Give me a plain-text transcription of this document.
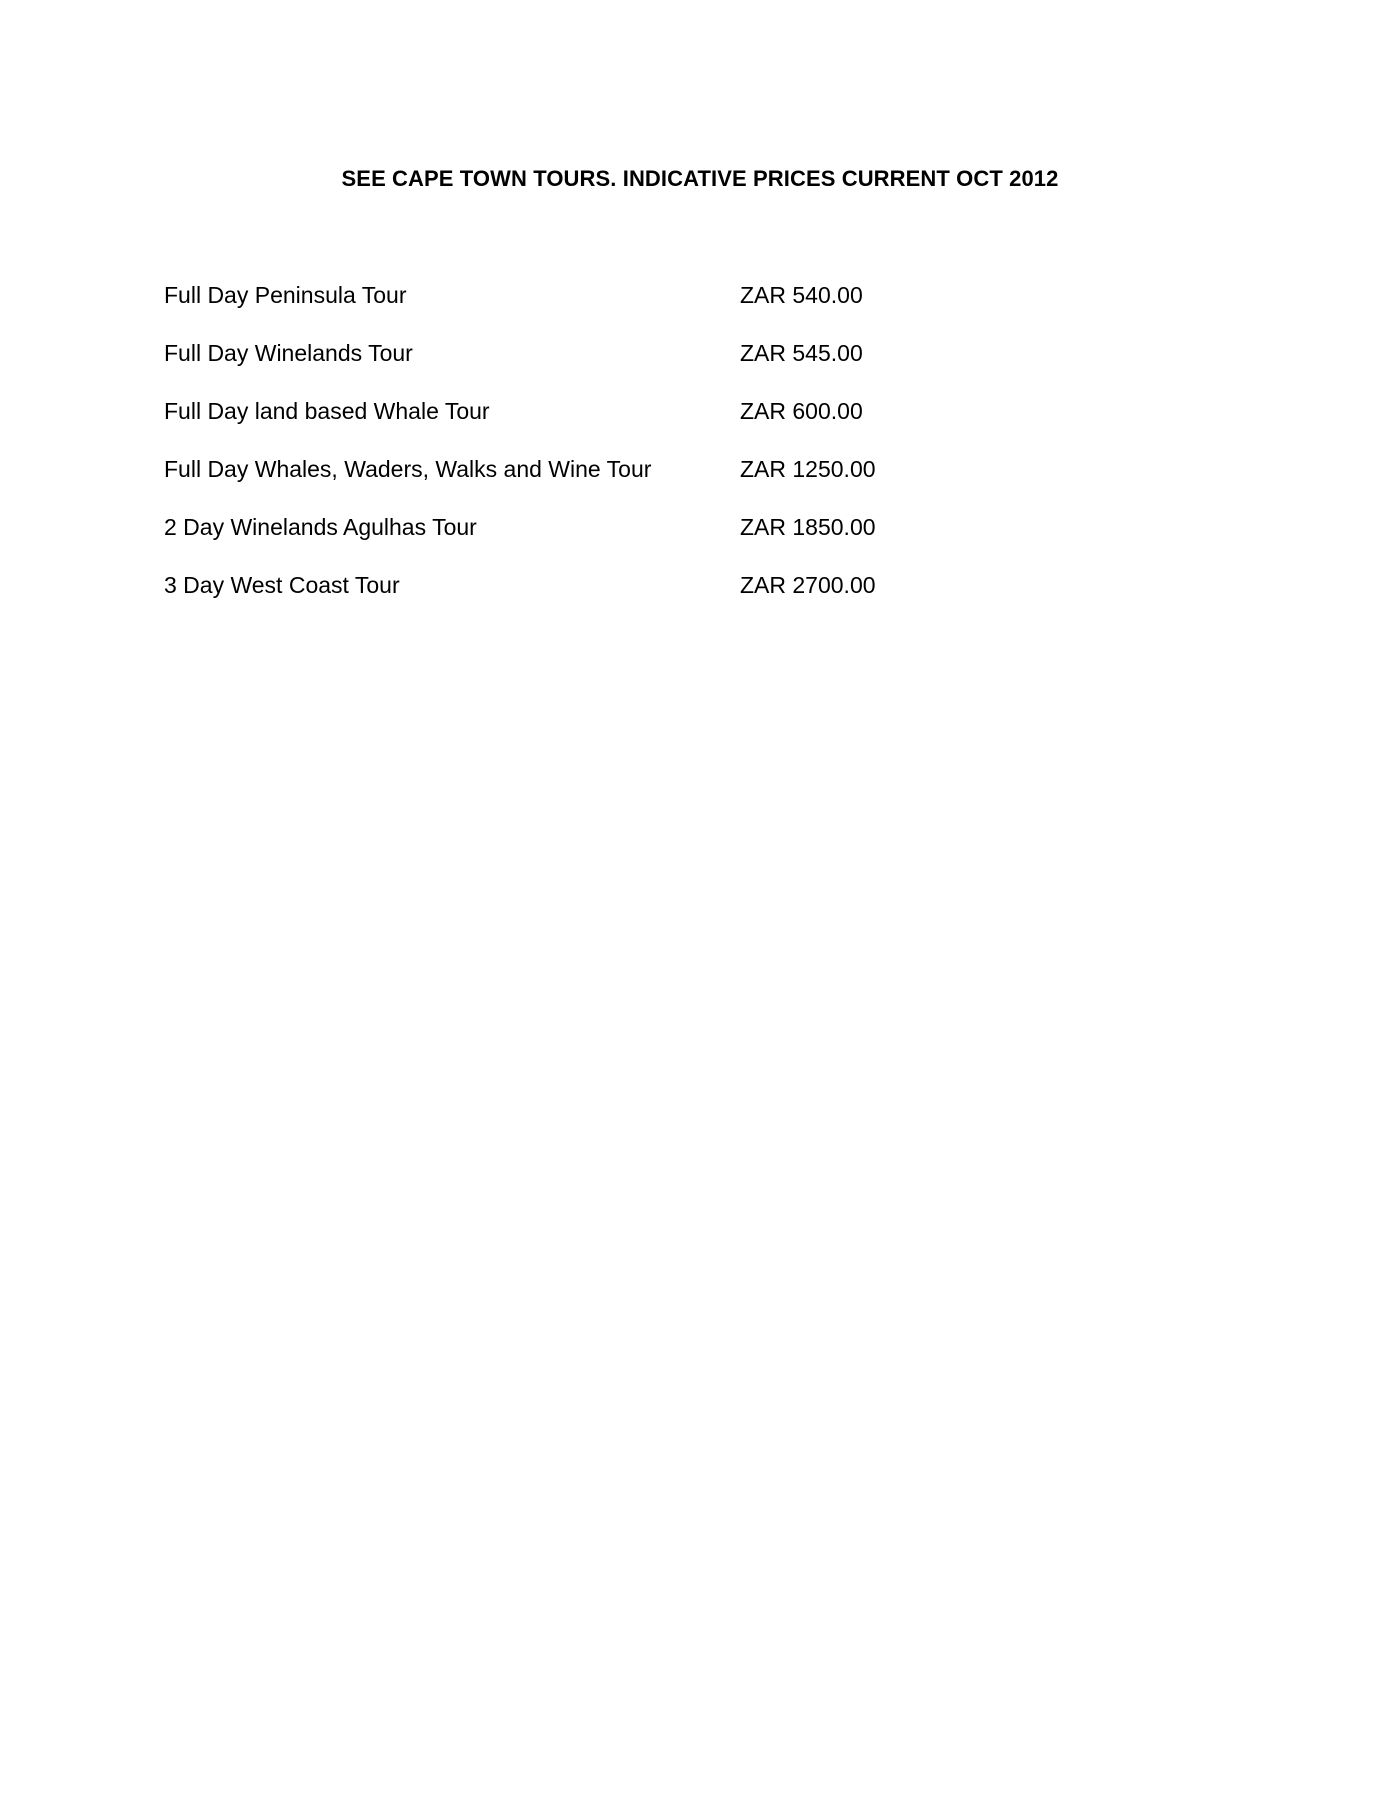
SEE CAPE TOWN TOURS. INDICATIVE PRICES CURRENT OCT 2012
Full Day Peninsula Tour	ZAR 540.00
Full Day Winelands Tour	ZAR 545.00
Full Day land based Whale Tour	ZAR 600.00
Full Day Whales, Waders, Walks and Wine Tour	ZAR 1250.00
2 Day Winelands Agulhas Tour	ZAR 1850.00
3 Day West Coast Tour	ZAR 2700.00
